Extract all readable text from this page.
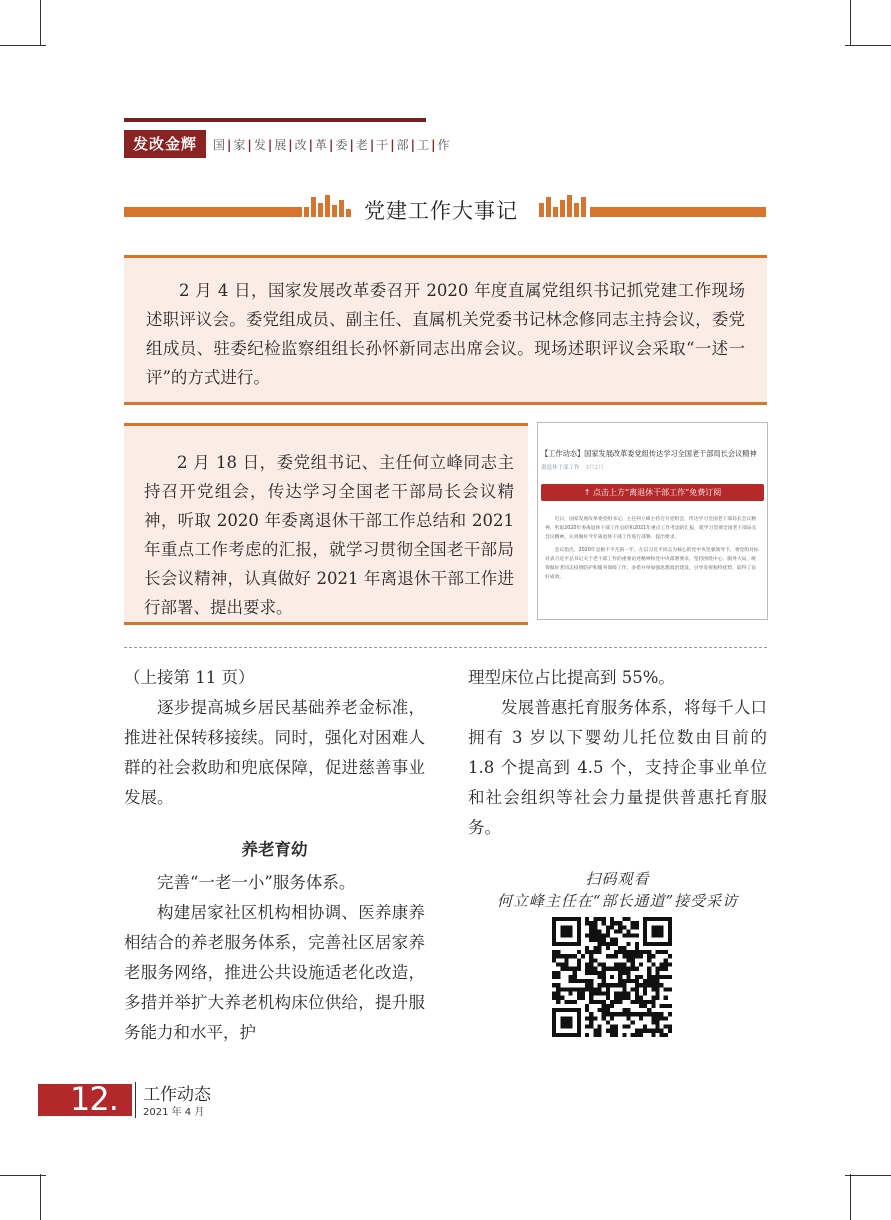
发改金辉	国|家|发|展|改|革|委|老|干|部|工|作
党建工作大事记

2 月 4 日，国家发展改革委召开 2020 年度直属党组织书记抓党建工作现场述职评议会。委党组成员、副主任、直属机关党委书记林念修同志主持会议，委党组成员、驻委纪检监察组组长孙怀新同志出席会议。现场述职评议会采取“一述一评”的方式进行。

2 月 18 日，委党组书记、主任何立峰同志主持召开党组会，传达学习全国老干部局长会议精神，听取 2020 年委离退休干部工作总结和 2021 年重点工作考虑的汇报，就学习贯彻全国老干部局长会议精神，认真做好 2021 年离退休干部工作进行部署、提出要求。

【工作动态】国家发展改革委党组传达学习全国老干部局长会议精神
离退休干部工作 3月2日
↑ 点击上方“离退休干部工作”免费订阅

近日，国家发展改革委党组书记、主任何立峰主持召开党组会，传达学习全国老干部局长会议精神，听取2020年委离退休干部工作总结和2021年重点工作考虑的汇报，就学习贯彻全国老干部局长会议精神，认真做好今年离退休干部工作进行部署、提出要求。

会议指出，2020年是极不平凡的一年，在以习近平同志为核心的党中央坚强领导下，委党组对标对表习近平总书记关于老干部工作的重要论述精神和党中央部署要求，坚持围绕中心、服务大局，统筹做好老同志疫情防护和服务保障工作，多措并举加强思想政治建设，引导发挥独特优势，取得了良好成效。

（上接第 11 页）

逐步提高城乡居民基础养老金标准，推进社保转移接续。同时，强化对困难人群的社会救助和兜底保障，促进慈善事业发展。

养老育幼

完善“一老一小”服务体系。

构建居家社区机构相协调、医养康养相结合的养老服务体系，完善社区居家养老服务网络，推进公共设施适老化改造，多措并举扩大养老机构床位供给，提升服务能力和水平，护

理型床位占比提高到 55%。

发展普惠托育服务体系，将每千人口拥有 3 岁以下婴幼儿托位数由目前的 1.8 个提高到 4.5 个，支持企事业单位和社会组织等社会力量提供普惠托育服务。

扫码观看
何立峰主任在“部长通道”接受采访
12. 工作动态
2021 年 4 月
